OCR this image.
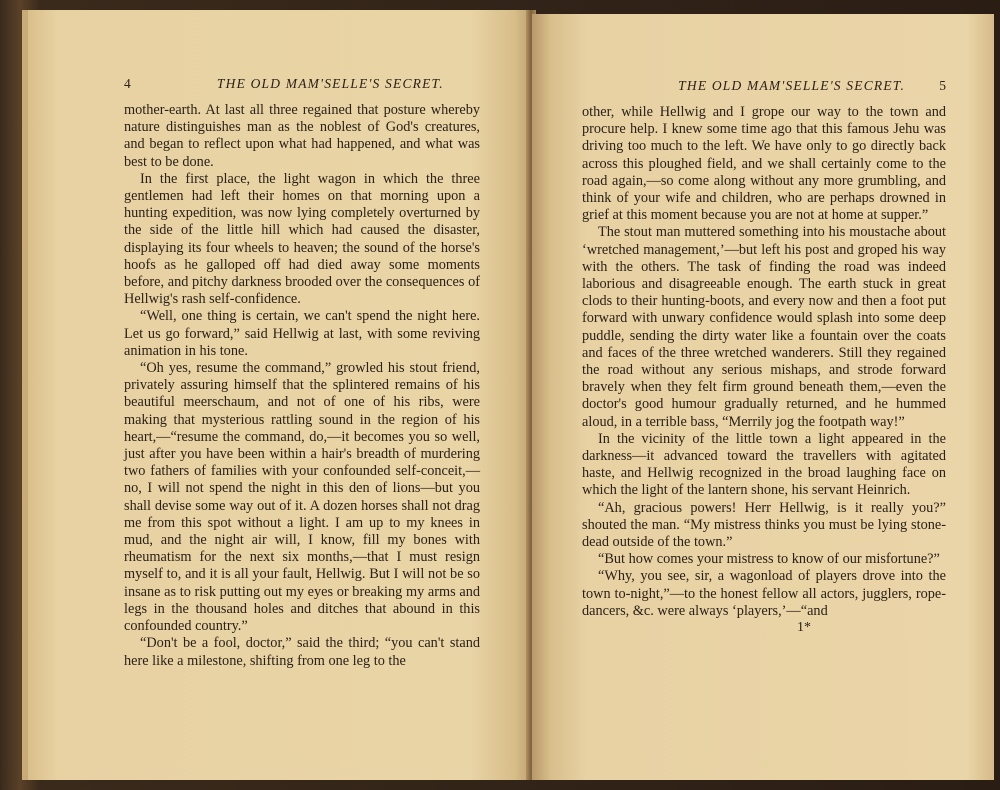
4	THE OLD MAM'SELLE'S SECRET.

mother-earth. At last all three regained that posture whereby nature distinguishes man as the noblest of God's creatures, and began to reflect upon what had happened, and what was best to be done.

In the first place, the light wagon in which the three gentlemen had left their homes on that morning upon a hunting expedition, was now lying completely overturned by the side of the little hill which had caused the disaster, displaying its four wheels to heaven; the sound of the horse's hoofs as he galloped off had died away some moments before, and pitchy darkness brooded over the consequences of Hellwig's rash self-confidence.

“Well, one thing is certain, we can't spend the night here. Let us go forward,” said Hellwig at last, with some reviving animation in his tone.

“Oh yes, resume the command,” growled his stout friend, privately assuring himself that the splintered remains of his beautiful meerschaum, and not of one of his ribs, were making that mysterious rattling sound in the region of his heart,—“resume the command, do,—it becomes you so well, just after you have been within a hair's breadth of murdering two fathers of families with your confounded self-conceit,—no, I will not spend the night in this den of lions—but you shall devise some way out of it. A dozen horses shall not drag me from this spot without a light. I am up to my knees in mud, and the night air will, I know, fill my bones with rheumatism for the next six months,—that I must resign myself to, and it is all your fault, Hellwig. But I will not be so insane as to risk putting out my eyes or breaking my arms and legs in the thousand holes and ditches that abound in this confounded country.”

“Don't be a fool, doctor,” said the third; “you can't stand here like a milestone, shifting from one leg to the

THE OLD MAM'SELLE'S SECRET.	5

other, while Hellwig and I grope our way to the town and procure help. I knew some time ago that this famous Jehu was driving too much to the left. We have only to go directly back across this ploughed field, and we shall certainly come to the road again,—so come along without any more grumbling, and think of your wife and children, who are perhaps drowned in grief at this moment because you are not at home at supper.”

The stout man muttered something into his moustache about ‘wretched management,’—but left his post and groped his way with the others. The task of finding the road was indeed laborious and disagreeable enough. The earth stuck in great clods to their hunting-boots, and every now and then a foot put forward with unwary confidence would splash into some deep puddle, sending the dirty water like a fountain over the coats and faces of the three wretched wanderers. Still they regained the road without any serious mishaps, and strode forward bravely when they felt firm ground beneath them,—even the doctor's good humour gradually returned, and he hummed aloud, in a terrible bass, “Merrily jog the footpath way!”

In the vicinity of the little town a light appeared in the darkness—it advanced toward the travellers with agitated haste, and Hellwig recognized in the broad laughing face on which the light of the lantern shone, his servant Heinrich.

“Ah, gracious powers! Herr Hellwig, is it really you?” shouted the man. “My mistress thinks you must be lying stone-dead outside of the town.”

“But how comes your mistress to know of our misfortune?”

“Why, you see, sir, a wagonload of players drove into the town to-night,”—to the honest fellow all actors, jugglers, rope-dancers, &c. were always ‘players,’—“and

1*
